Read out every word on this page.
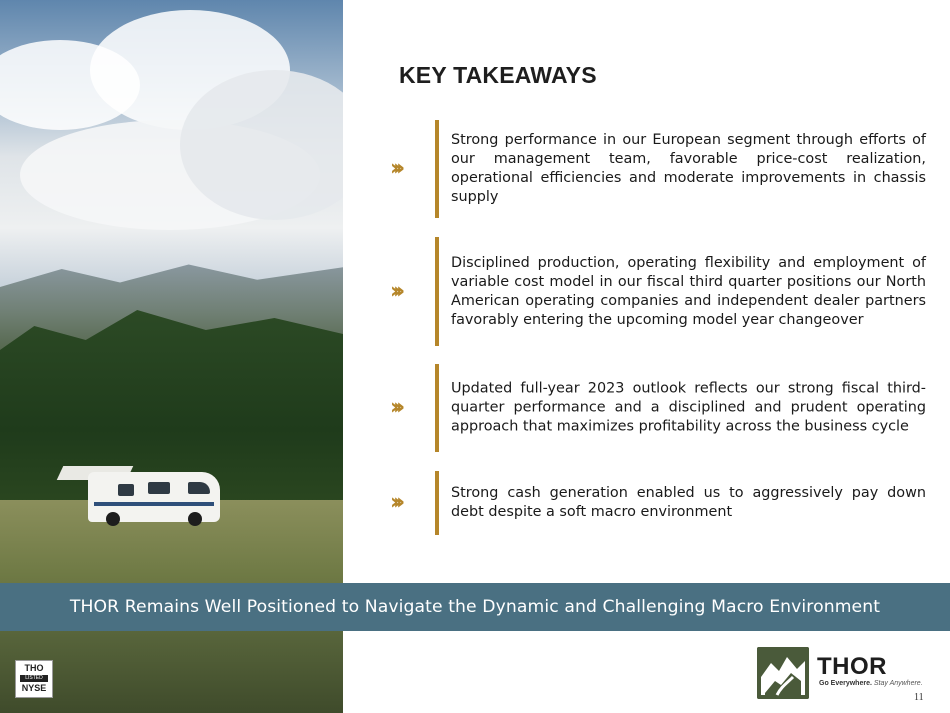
THO
LISTED
NYSE
KEY TAKEAWAYS
›››

Strong performance in our European segment through efforts of our management team, favorable price-cost realization, operational efficiencies and moderate improvements in chassis supply

›››

Disciplined production, operating flexibility and employment of variable cost model in our fiscal third quarter positions our North American operating companies and independent dealer partners favorably entering the upcoming model year changeover

›››

Updated full-year 2023 outlook reflects our strong fiscal third-quarter performance and a disciplined and prudent operating approach that maximizes profitability across the business cycle

›››	Strong cash generation enabled us to aggressively pay down debt despite a soft macro environment

THOR Remains Well Positioned to Navigate the Dynamic and Challenging Macro Environment
THOR
Go Everywhere. Stay Anywhere.
11
